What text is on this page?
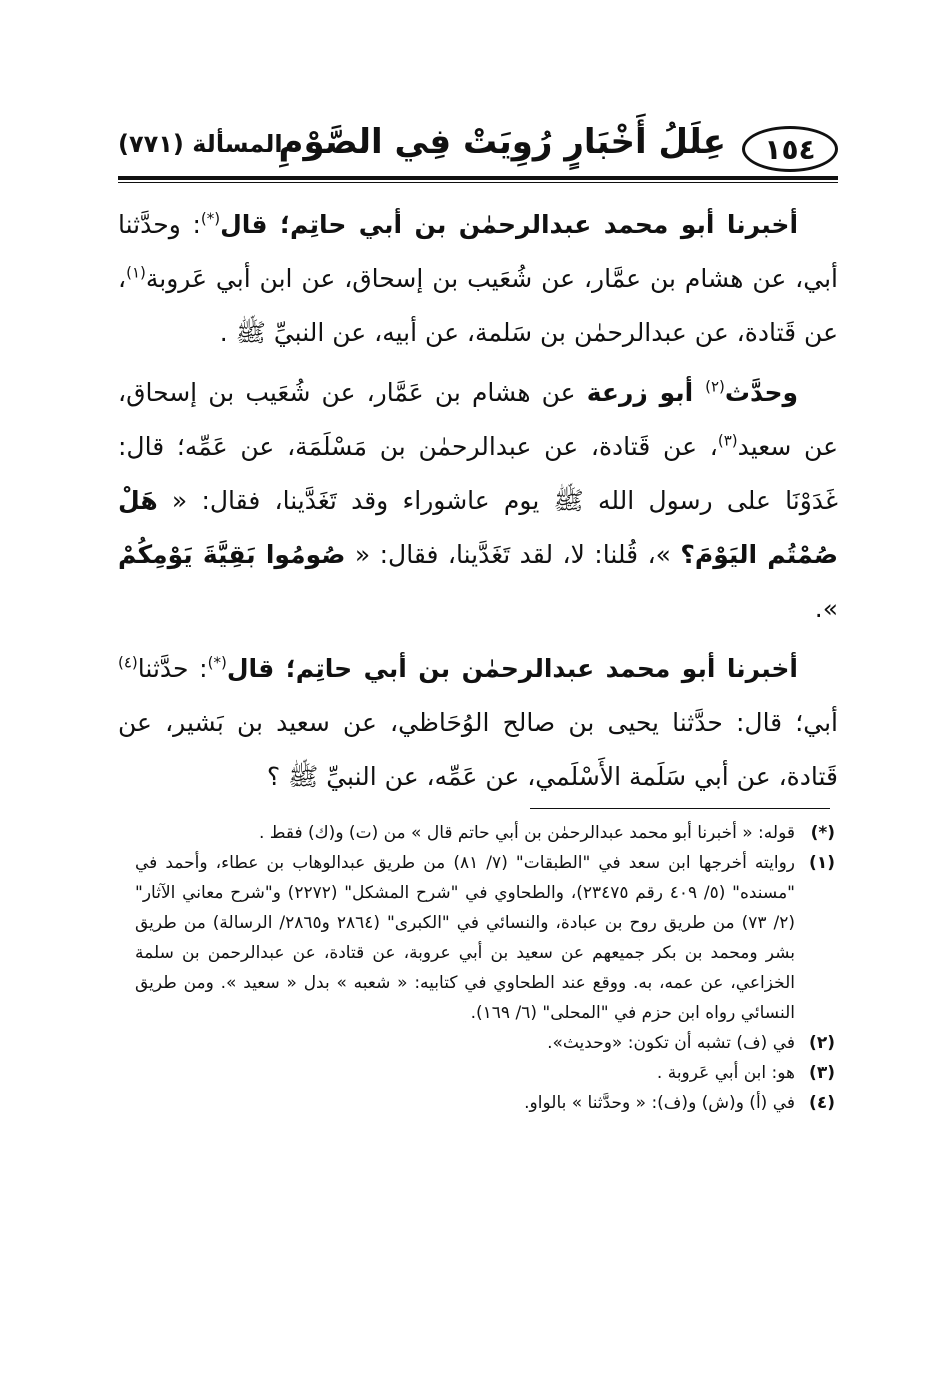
١٥٤
عِلَلُ أَخْبَارٍ رُوِيَتْ فِي الصَّوْمِ
المسألة (٧٧١)

أخبرنا أبو محمد عبدالرحمٰن بن أبي حاتِم؛ قال(*): وحدَّثنا أبي، عن هشام بن عمَّار، عن شُعَيب بن إسحاق، عن ابن أبي عَروبة$^{(١)}$، عن قَتادة، عن عبدالرحمٰن بن سَلمة، عن أبيه، عن النبيِّ ﷺ .

وحدَّث$^{(٢)}$ أبو زرعة عن هشام بن عَمَّار، عن شُعَيب بن إسحاق، عن سعيد$^{(٣)}$، عن قَتادة، عن عبدالرحمٰن بن مَسْلَمَة، عن عَمِّه؛ قال: غَدَوْنَا على رسول الله ﷺ يوم عاشوراء وقد تَغَدَّينا، فقال: « هَلْ صُمْتُم اليَوْمَ؟ »، قُلنا: لا، لقد تَغَدَّينا، فقال: « صُومُوا بَقِيَّةَ يَوْمِكُمْ ».

أخبرنا أبو محمد عبدالرحمٰن بن أبي حاتِم؛ قال(*): حدَّثنا$^{(٤)}$ أبي؛ قال: حدَّثنا يحيى بن صالح الوُحَاظي، عن سعيد بن بَشير، عن قَتادة، عن أبي سَلَمة الأَسْلَمي، عن عَمِّه، عن النبيِّ ﷺ ؟

(*)
قوله: « أخبرنا أبو محمد عبدالرحمٰن بن أبي حاتم قال » من (ت) و(ك) فقط .
(١)
روايته أخرجها ابن سعد في "الطبقات" (٧/ ٨١) من طريق عبدالوهاب بن عطاء، وأحمد في "مسنده" (٥/ ٤٠٩ رقم ٢٣٤٧٥)، والطحاوي في "شرح المشكل" (٢٢٧٢) و"شرح معاني الآثار" (٢/ ٧٣) من طريق روح بن عبادة، والنسائي في "الكبرى" (٢٨٦٤ و٢٨٦٥/ الرسالة) من طريق بشر ومحمد بن بكر جميعهم عن سعيد بن أبي عروبة، عن قتادة، عن عبدالرحمن بن سلمة الخزاعي، عن عمه، به. ووقع عند الطحاوي في كتابيه: « شعبه » بدل « سعيد ». ومن طريق النسائي رواه ابن حزم في "المحلى" (٦/ ١٦٩).
(٢)
في (ف) تشبه أن تكون: «وحديث».
(٣)
هو: ابن أبي عَروبة .
(٤)
في (أ) و(ش) و(ف): « وحدَّثنا » بالواو.
